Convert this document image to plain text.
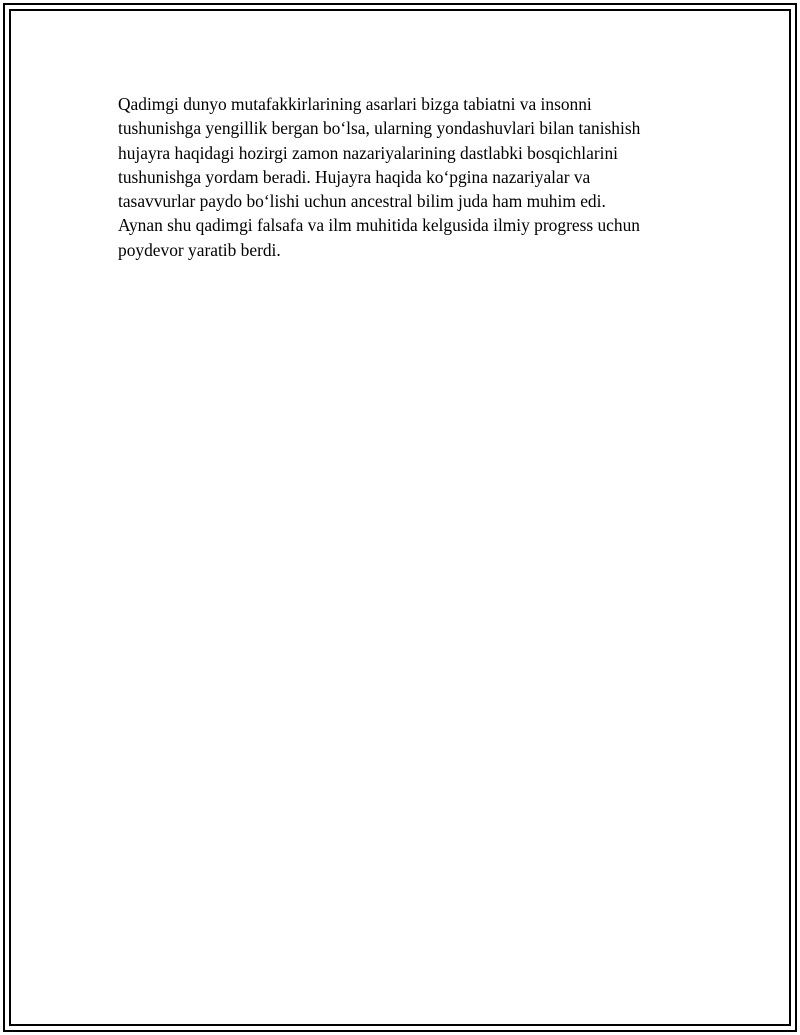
Qadimgi dunyo mutafakkirlarining asarlari bizga tabiatni va insonni
tushunishga yengillik bergan boʻlsa, ularning yondashuvlari bilan tanishish
hujayra haqidagi hozirgi zamon nazariyalarining dastlabki bosqichlarini
tushunishga yordam beradi. Hujayra haqida koʻpgina nazariyalar va
tasavvurlar paydo boʻlishi uchun ancestral bilim juda ham muhim edi.
Aynan shu qadimgi falsafa va ilm muhitida kelgusida ilmiy progress uchun
poydevor yaratib berdi.
